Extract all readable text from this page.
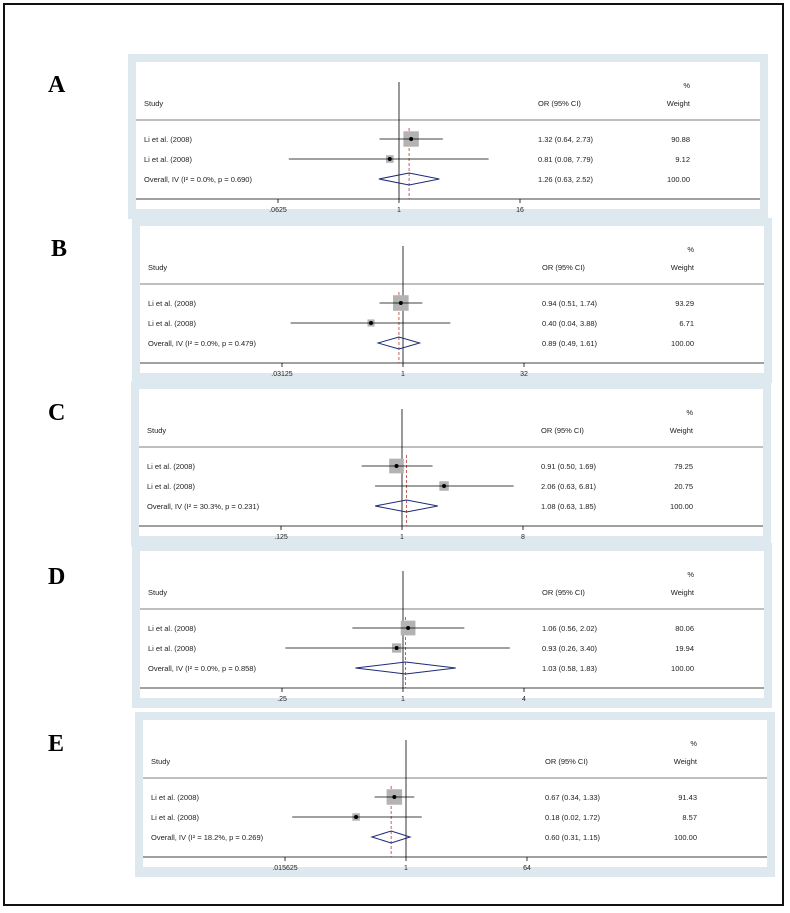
A	%
Study	OR (95% CI)	Weight
Li et al. (2008)	1.32 (0.64, 2.73)	90.88
Li et al. (2008)	0.81 (0.08, 7.79)	9.12
Overall, IV (I² = 0.0%, p = 0.690)	1.26 (0.63, 2.52)	100.00
.0625	1	16
B	%
Study	OR (95% CI)	Weight
Li et al. (2008)	0.94 (0.51, 1.74)	93.29
Li et al. (2008)	0.40 (0.04, 3.88)	6.71
Overall, IV (I² = 0.0%, p = 0.479)	0.89 (0.49, 1.61)	100.00
.03125	1	32
C	%
Study	OR (95% CI)	Weight
Li et al. (2008)	0.91 (0.50, 1.69)	79.25
Li et al. (2008)	2.06 (0.63, 6.81)	20.75
Overall, IV (I² = 30.3%, p = 0.231)	1.08 (0.63, 1.85)	100.00
.125	1	8
D	%
Study	OR (95% CI)	Weight
Li et al. (2008)	1.06 (0.56, 2.02)	80.06
Li et al. (2008)	0.93 (0.26, 3.40)	19.94
Overall, IV (I² = 0.0%, p = 0.858)	1.03 (0.58, 1.83)	100.00
.25	1	4
E	%
Study	OR (95% CI)	Weight
Li et al. (2008)	0.67 (0.34, 1.33)	91.43
Li et al. (2008)	0.18 (0.02, 1.72)	8.57
Overall, IV (I² = 18.2%, p = 0.269)	0.60 (0.31, 1.15)	100.00
.015625	1	64
